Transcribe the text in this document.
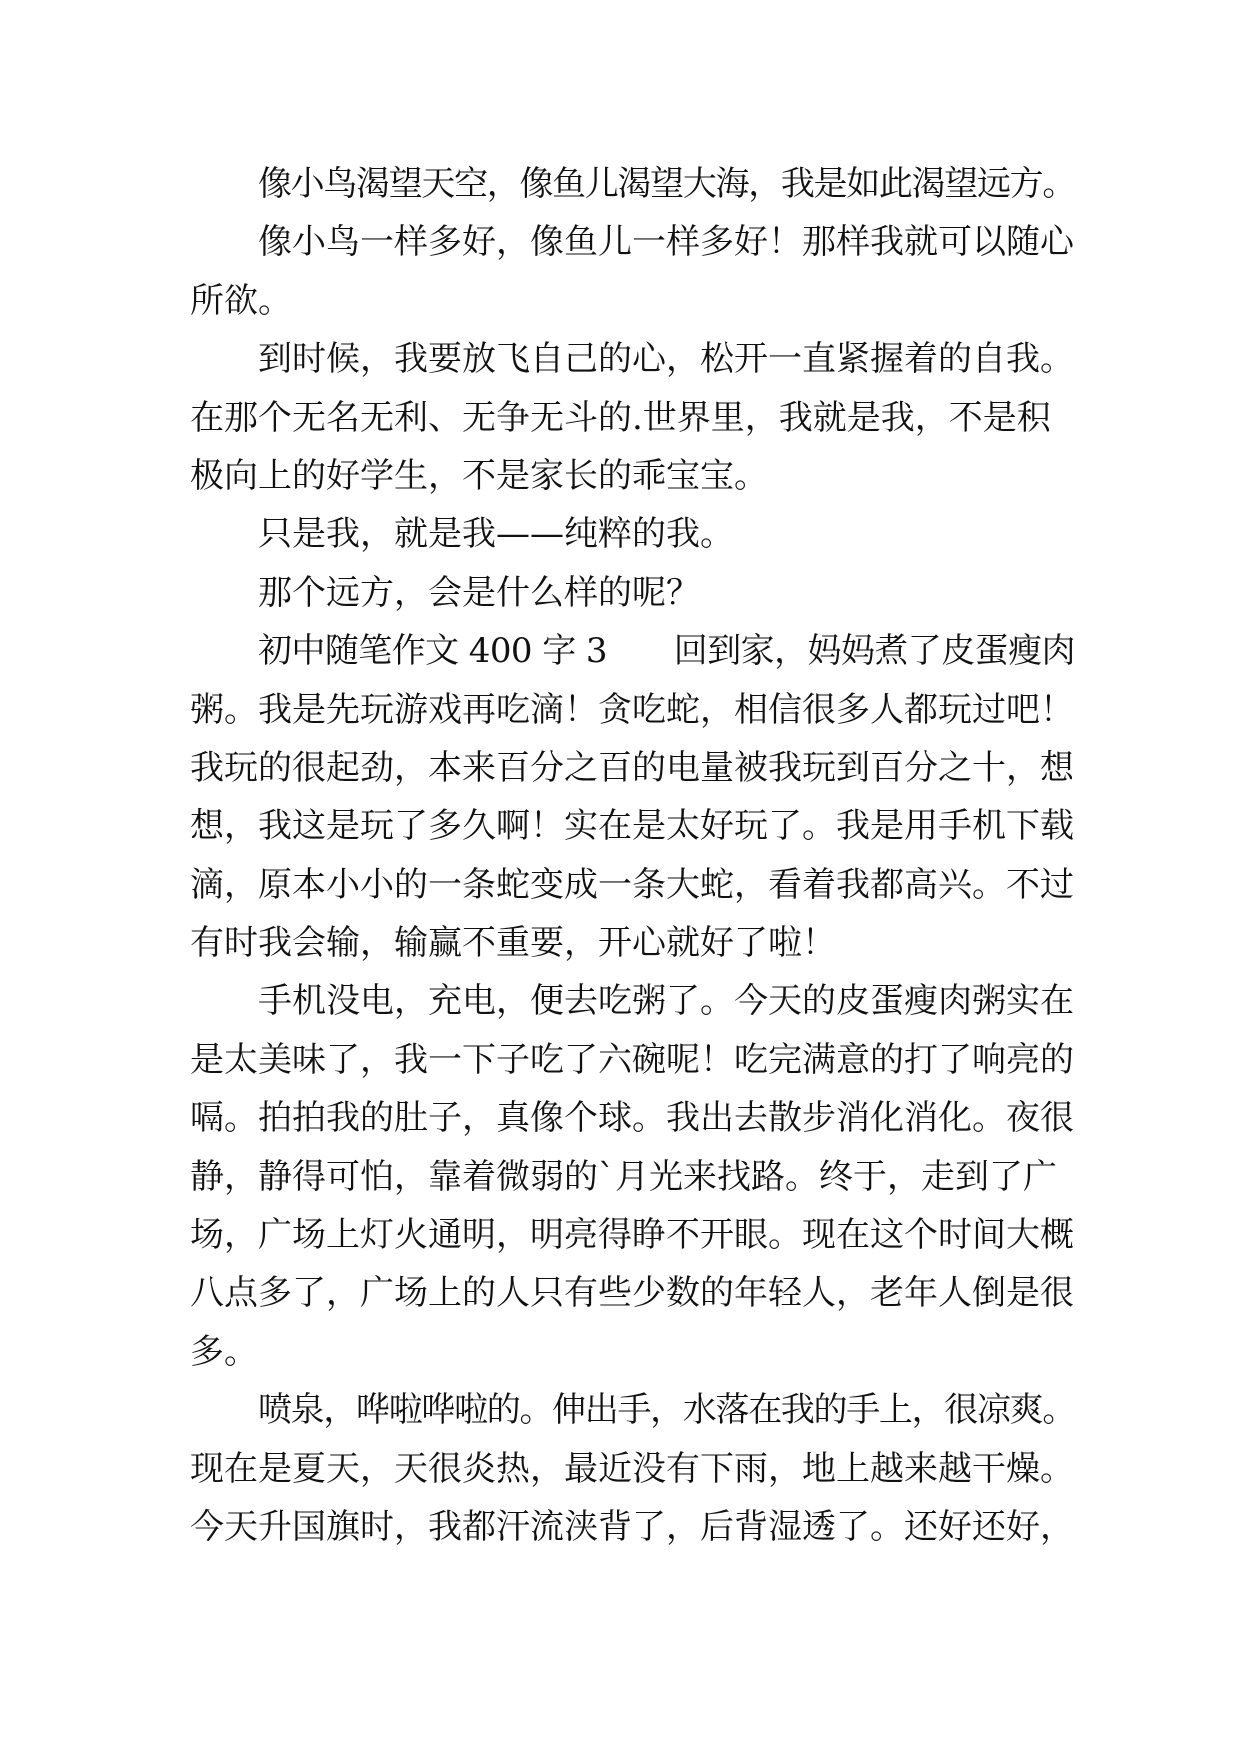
像小鸟渴望天空，像鱼儿渴望大海，我是如此渴望远方。
像小鸟一样多好，像鱼儿一样多好！那样我就可以随心
所欲。
到时候，我要放飞自己的心，松开一直紧握着的自我。
在那个无名无利、无争无斗的.世界里，我就是我，不是积
极向上的好学生，不是家长的乖宝宝。
只是我，就是我——纯粹的我。
那个远方，会是什么样的呢？
初中随笔作文 400 字 3　　回到家，妈妈煮了皮蛋瘦肉
粥。我是先玩游戏再吃滴！贪吃蛇，相信很多人都玩过吧！
我玩的很起劲，本来百分之百的电量被我玩到百分之十，想
想，我这是玩了多久啊！实在是太好玩了。我是用手机下载
滴，原本小小的一条蛇变成一条大蛇，看着我都高兴。不过
有时我会输，输赢不重要，开心就好了啦！
手机没电，充电，便去吃粥了。今天的皮蛋瘦肉粥实在
是太美味了，我一下子吃了六碗呢！吃完满意的打了响亮的
嗝。拍拍我的肚子，真像个球。我出去散步消化消化。夜很
静，静得可怕，靠着微弱的`月光来找路。终于，走到了广
场，广场上灯火通明，明亮得睁不开眼。现在这个时间大概
八点多了，广场上的人只有些少数的年轻人，老年人倒是很
多。
喷泉，哗啦哗啦的。伸出手，水落在我的手上，很凉爽。
现在是夏天，天很炎热，最近没有下雨，地上越来越干燥。
今天升国旗时，我都汗流浃背了，后背湿透了。还好还好，
